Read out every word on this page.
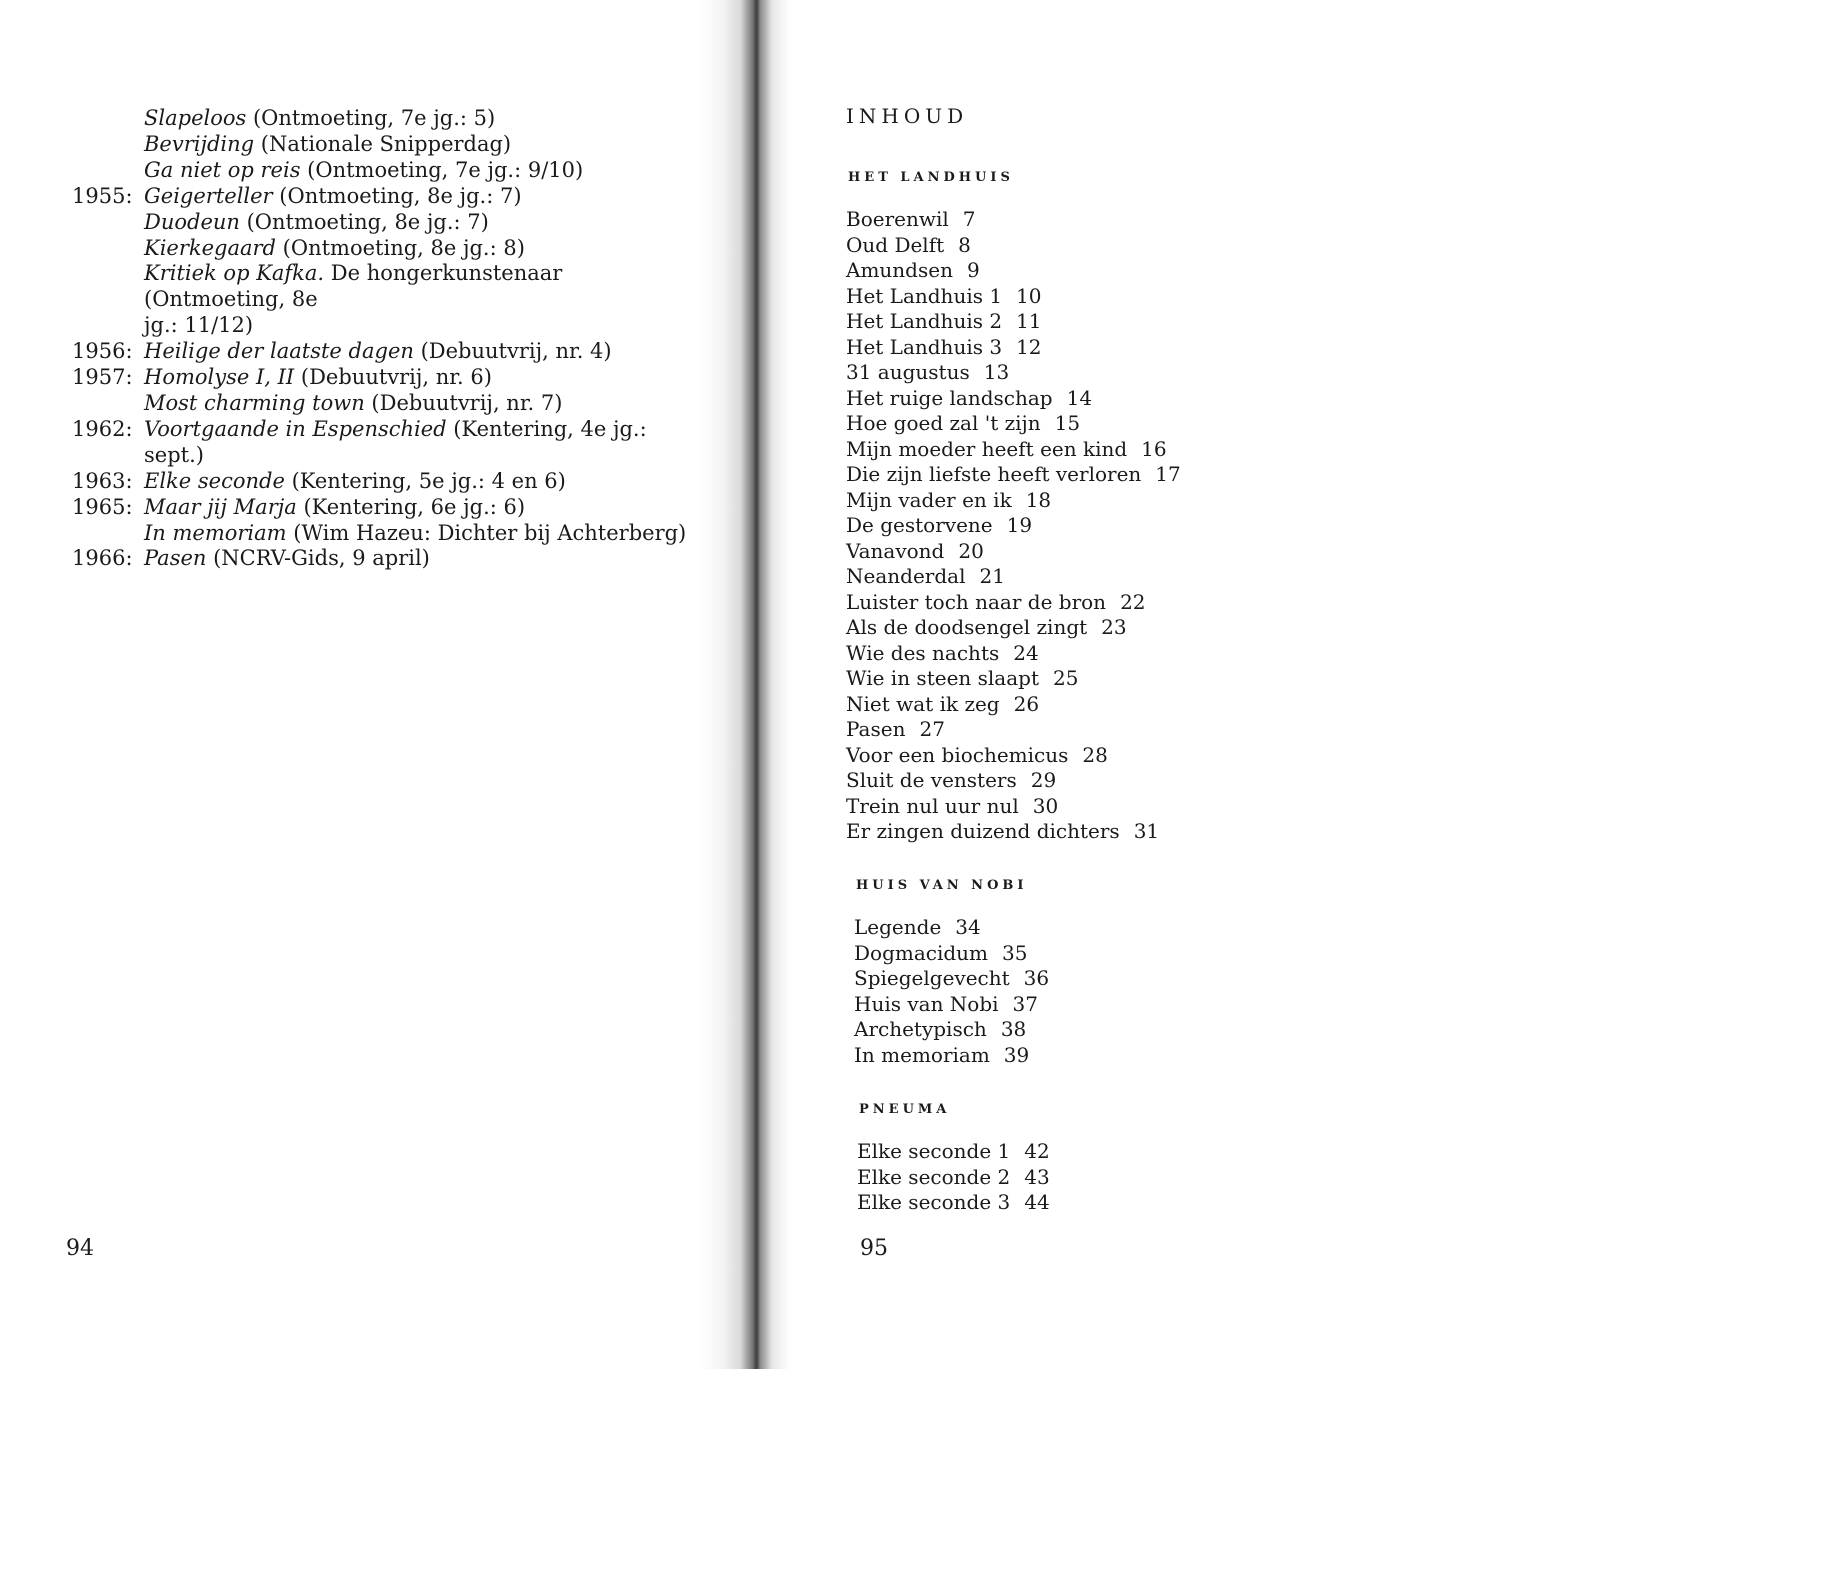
Slapeloos (Ontmoeting, 7e jg.: 5)
Bevrijding (Nationale Snipperdag)
Ga niet op reis (Ontmoeting, 7e jg.: 9/10)
1955: Geigerteller (Ontmoeting, 8e jg.: 7)
Duodeun (Ontmoeting, 8e jg.: 7)
Kierkegaard (Ontmoeting, 8e jg.: 8)
Kritiek op Kafka. De hongerkunstenaar (Ontmoeting, 8e
jg.: 11/12)
1956: Heilige der laatste dagen (Debuutvrij, nr. 4)
1957: Homolyse I, II (Debuutvrij, nr. 6)
Most charming town (Debuutvrij, nr. 7)
1962: Voortgaande in Espenschied (Kentering, 4e jg.: sept.)
1963: Elke seconde (Kentering, 5e jg.: 4 en 6)
1965: Maar jij Marja (Kentering, 6e jg.: 6)
In memoriam (Wim Hazeu: Dichter bij Achterberg)
1966: Pasen (NCRV-Gids, 9 april)
94
INHOUD
HET LANDHUIS
Boerenwil 7
Oud Delft 8
Amundsen 9
Het Landhuis 1 10
Het Landhuis 2 11
Het Landhuis 3 12
31 augustus 13
Het ruige landschap 14
Hoe goed zal 't zijn 15
Mijn moeder heeft een kind 16
Die zijn liefste heeft verloren 17
Mijn vader en ik 18
De gestorvene 19
Vanavond 20
Neanderdal 21
Luister toch naar de bron 22
Als de doodsengel zingt 23
Wie des nachts 24
Wie in steen slaapt 25
Niet wat ik zeg 26
Pasen 27
Voor een biochemicus 28
Sluit de vensters 29
Trein nul uur nul 30
Er zingen duizend dichters 31
HUIS VAN NOBI
Legende 34
Dogmacidum 35
Spiegelgevecht 36
Huis van Nobi 37
Archetypisch 38
In memoriam 39
PNEUMA
Elke seconde 1 42
Elke seconde 2 43
Elke seconde 3 44
95
